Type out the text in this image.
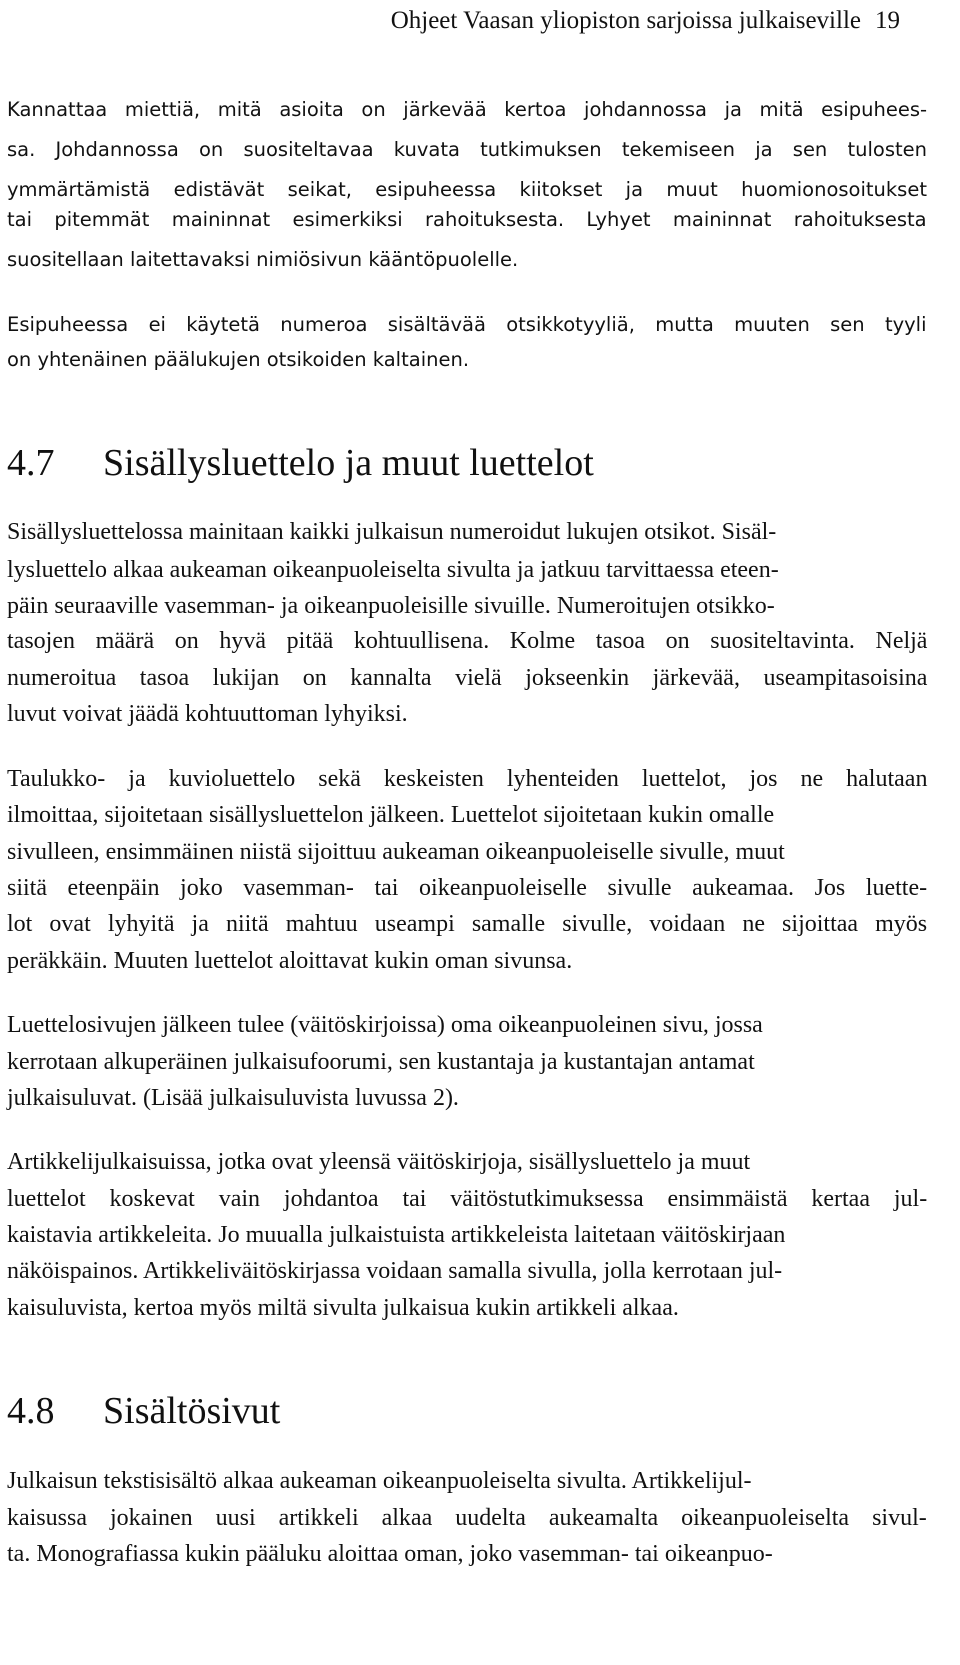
Ohjeet Vaasan yliopiston sarjoissa julkaiseville 19
Kannattaa miettiä, mitä asioita on järkevää kertoa johdannossa ja mitä esipuhees-
sa. Johdannossa on suositeltavaa kuvata tutkimuksen tekemiseen ja sen tulosten
ymmärtämistä edistävät seikat, esipuheessa kiitokset ja muut huomionosoitukset
tai pitemmät maininnat esimerkiksi rahoituksesta. Lyhyet maininnat rahoituksesta
suositellaan laitettavaksi nimiösivun kääntöpuolelle.
Esipuheessa ei käytetä numeroa sisältävää otsikkotyyliä, mutta muuten sen tyyli
on yhtenäinen päälukujen otsikoiden kaltainen.
4.7 Sisällysluettelo ja muut luettelot
Sisällysluettelossa mainitaan kaikki julkaisun numeroidut lukujen otsikot. Sisäl-
lysluettelo alkaa aukeaman oikeanpuoleiselta sivulta ja jatkuu tarvittaessa eteen-
päin seuraaville vasemman- ja oikeanpuoleisille sivuille. Numeroitujen otsikko-
tasojen määrä on hyvä pitää kohtuullisena. Kolme tasoa on suositeltavinta. Neljä
numeroitua tasoa lukijan on kannalta vielä jokseenkin järkevää, useampitasoisina
luvut voivat jäädä kohtuuttoman lyhyiksi.
Taulukko- ja kuvioluettelo sekä keskeisten lyhenteiden luettelot, jos ne halutaan
ilmoittaa, sijoitetaan sisällysluettelon jälkeen. Luettelot sijoitetaan kukin omalle
sivulleen, ensimmäinen niistä sijoittuu aukeaman oikeanpuoleiselle sivulle, muut
siitä eteenpäin joko vasemman- tai oikeanpuoleiselle sivulle aukeamaa. Jos luette-
lot ovat lyhyitä ja niitä mahtuu useampi samalle sivulle, voidaan ne sijoittaa myös
peräkkäin. Muuten luettelot aloittavat kukin oman sivunsa.
Luettelosivujen jälkeen tulee (väitöskirjoissa) oma oikeanpuoleinen sivu, jossa
kerrotaan alkuperäinen julkaisufoorumi, sen kustantaja ja kustantajan antamat
julkaisuluvat. (Lisää julkaisuluvista luvussa 2).
Artikkelijulkaisuissa, jotka ovat yleensä väitöskirjoja, sisällysluettelo ja muut
luettelot koskevat vain johdantoa tai väitöstutkimuksessa ensimmäistä kertaa jul-
kaistavia artikkeleita. Jo muualla julkaistuista artikkeleista laitetaan väitöskirjaan
näköispainos. Artikkeliväitöskirjassa voidaan samalla sivulla, jolla kerrotaan jul-
kaisuluvista, kertoa myös miltä sivulta julkaisua kukin artikkeli alkaa.
4.8 Sisältösivut
Julkaisun tekstisisältö alkaa aukeaman oikeanpuoleiselta sivulta. Artikkelijul-
kaisussa jokainen uusi artikkeli alkaa uudelta aukeamalta oikeanpuoleiselta sivul-
ta. Monografiassa kukin pääluku aloittaa oman, joko vasemman- tai oikeanpuo-
